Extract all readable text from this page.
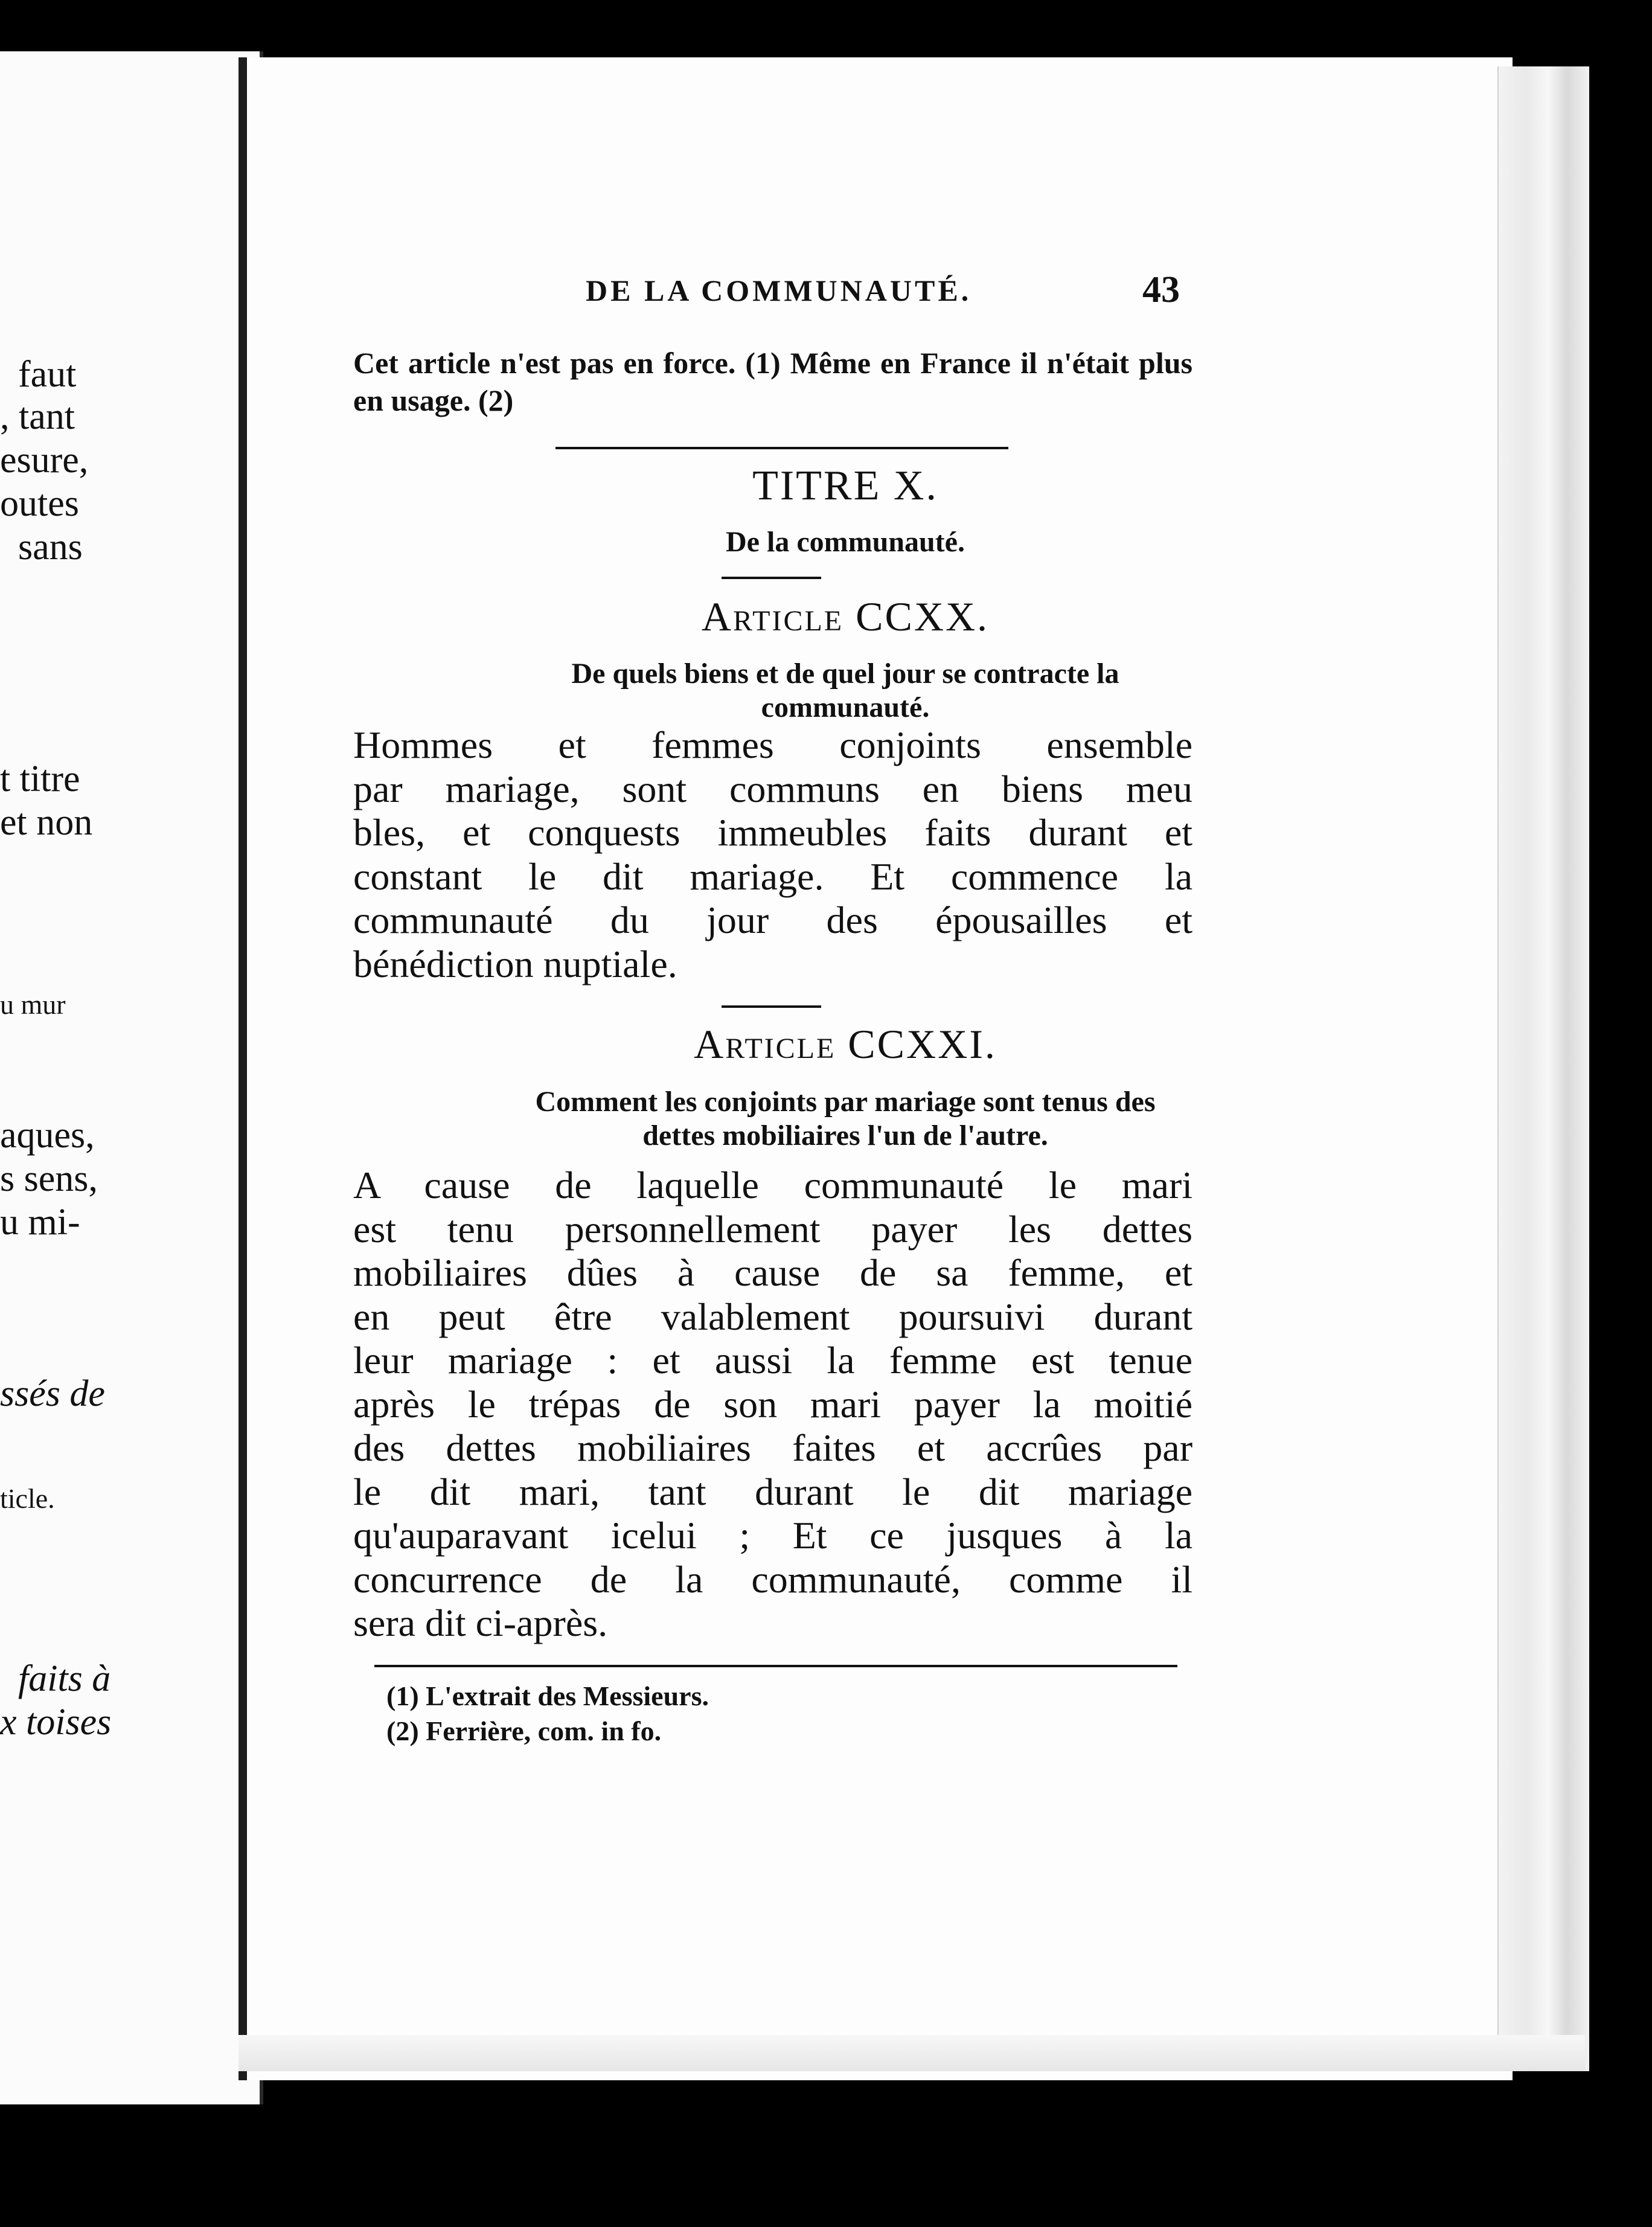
faut
, tant
esure,
outes
sans
t titre
et non
u mur
aques,
s sens,
u mi-
ssés de
ticle.
faits à
x toises
DE LA COMMUNAUTÉ.	43
Cet article n'est pas en force. (1) Même en France il n'était plus en usage. (2)
TITRE X.
De la communauté.
Article CCXX.
De quels biens et de quel jour se contracte la
communauté.
Hommes et femmes conjoints ensemble
par mariage, sont communs en biens meu
bles, et conquests immeubles faits durant et
constant le dit mariage. Et commence la
communauté du jour des épousailles et
bénédiction nuptiale.
Article CCXXI.
Comment les conjoints par mariage sont tenus des
dettes mobiliaires l'un de l'autre.
A cause de laquelle communauté le mari
est tenu personnellement payer les dettes
mobiliaires dûes à cause de sa femme, et
en peut être valablement poursuivi durant
leur mariage : et aussi la femme est tenue
après le trépas de son mari payer la moitié
des dettes mobiliaires faites et accrûes par
le dit mari, tant durant le dit mariage
qu'auparavant icelui ; Et ce jusques à la
concurrence de la communauté, comme il
sera dit ci-après.
(1) L'extrait des Messieurs.
(2) Ferrière, com. in fo.
